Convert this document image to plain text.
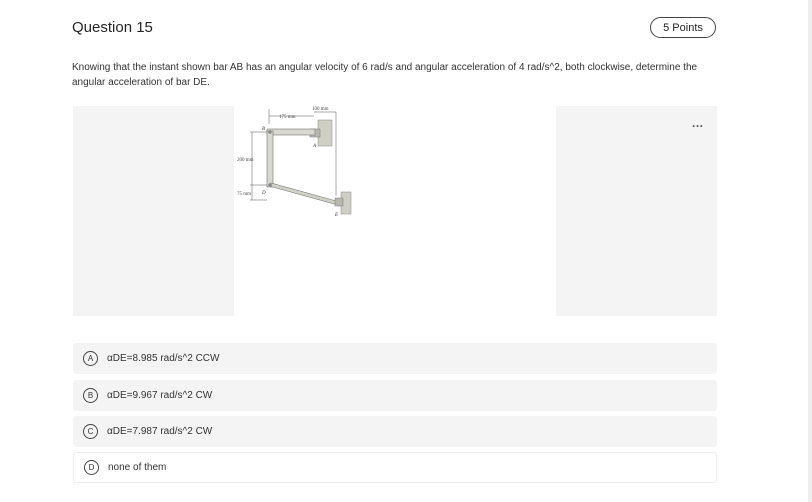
Question 15	5 Points
Knowing that the instant shown bar AB has an angular velocity of 6 rad/s and angular acceleration of 4 rad/s^2, both clockwise, determine the angular acceleration of bar DE.
175 mm
100 mm
B
A
E
200 mm
75 mm D
...
A	αDE=8.985 rad/s^2 CCW
B	αDE=9.967 rad/s^2 CW
C	αDE=7.987 rad/s^2 CW
D	none of them
